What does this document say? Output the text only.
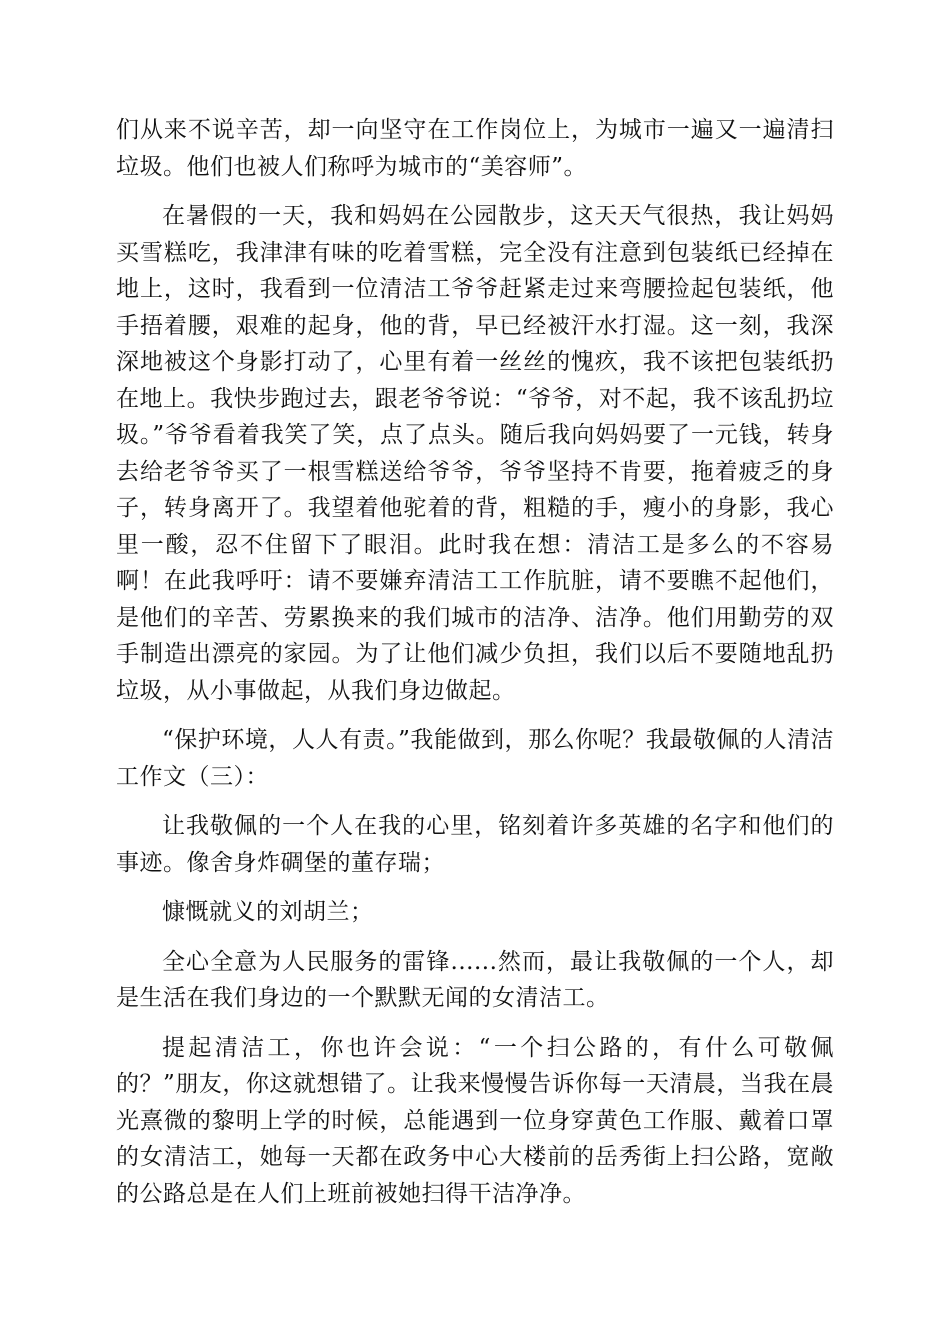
们从来不说辛苦，却一向坚守在工作岗位上，为城市一遍又一遍清扫垃圾。他们也被人们称呼为城市的“美容师”。

在暑假的一天，我和妈妈在公园散步，这天天气很热，我让妈妈买雪糕吃，我津津有味的吃着雪糕，完全没有注意到包装纸已经掉在地上，这时，我看到一位清洁工爷爷赶紧走过来弯腰捡起包装纸，他手捂着腰，艰难的起身，他的背，早已经被汗水打湿。这一刻，我深深地被这个身影打动了，心里有着一丝丝的愧疚，我不该把包装纸扔在地上。我快步跑过去，跟老爷爷说：“爷爷，对不起，我不该乱扔垃圾。”爷爷看着我笑了笑，点了点头。随后我向妈妈要了一元钱，转身去给老爷爷买了一根雪糕送给爷爷，爷爷坚持不肯要，拖着疲乏的身子，转身离开了。我望着他驼着的背，粗糙的手，瘦小的身影，我心里一酸，忍不住留下了眼泪。此时我在想：清洁工是多么的不容易啊！在此我呼吁：请不要嫌弃清洁工工作肮脏，请不要瞧不起他们，是他们的辛苦、劳累换来的我们城市的洁净、洁净。他们用勤劳的双手制造出漂亮的家园。为了让他们减少负担，我们以后不要随地乱扔垃圾，从小事做起，从我们身边做起。

“保护环境，人人有责。”我能做到，那么你呢？我最敬佩的人清洁工作文（三）：

让我敬佩的一个人在我的心里，铭刻着许多英雄的名字和他们的事迹。像舍身炸碉堡的董存瑞；

慷慨就义的刘胡兰；

全心全意为人民服务的雷锋......然而，最让我敬佩的一个人，却是生活在我们身边的一个默默无闻的女清洁工。

提起清洁工，你也许会说：“一个扫公路的，有什么可敬佩的？”朋友，你这就想错了。让我来慢慢告诉你每一天清晨，当我在晨光熹微的黎明上学的时候，总能遇到一位身穿黄色工作服、戴着口罩的女清洁工，她每一天都在政务中心大楼前的岳秀街上扫公路，宽敞的公路总是在人们上班前被她扫得干洁净净。
